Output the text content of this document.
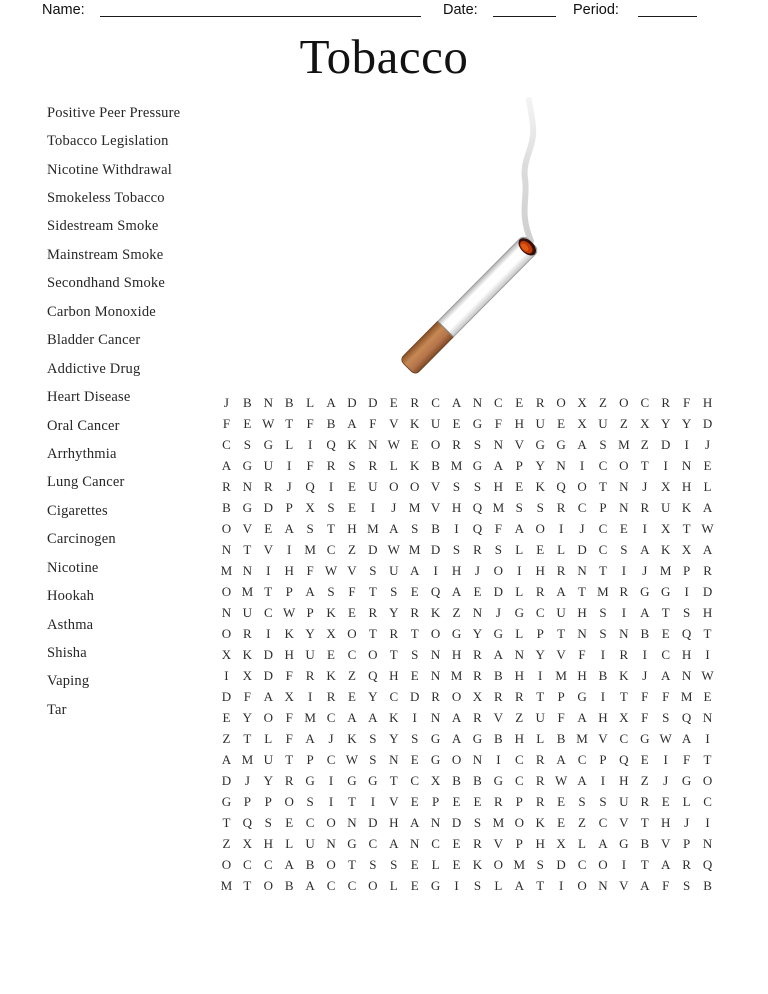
Name:	Date:	Period:
Tobacco
Positive Peer Pressure
Tobacco Legislation
Nicotine Withdrawal
Smokeless Tobacco
Sidestream Smoke
Mainstream Smoke
Secondhand Smoke
Carbon Monoxide
Bladder Cancer
Addictive Drug
Heart Disease
Oral Cancer
Arrhythmia
Lung Cancer
Cigarettes
Carcinogen
Nicotine
Hookah
Asthma
Shisha
Vaping
Tar
J	B N B L A D D E R C A N C E R O X Z O C R F H
F	E W T	F B A F V K U E G F H U E X U Z X Y Y D
C S G L	I	Q K N W E O R S N V G G A S M Z D	I	J
A G U	I	F R S R L K B M G A P Y N	I	C O T	I	N E
R N R	J	Q	I	E U O O V S	S H E K Q O T N	J	X H L
B G D P X S	E	I	J M V H Q M S	S R C P N R U K A
O V E A S	T H M A S B	I	Q F A O	I	J	C E	I	X T W
N T V	I M C Z D W M D S R S	L E L D C S A K X A
M N	I	H F W V S U A	I	H	J	O	I	H R N T	I	J M P R
O M T	P A S	F	T	S	E Q A E D L R A T M R G G	I	D
N U C W P K E R Y R K Z N	J	G C U H S	I	A T	S H
O R	I	K Y X O T R T O G Y G L	P	T N S N B E Q T
X K D H U E C O T	S N H R A N Y V F	I	R	I	C H	I
I	X D F R K Z Q H E N M R B H	I M H B K	J	A N W
D F A X	I	R E Y C D R O X R R T	P G	I	T	F	F M E
E Y O F M C A A K	I	N A R V Z U F A H X F	S Q N
Z T L	F A	J	K S Y S G A G B H L B M V C G W A	I
A M U T	P C W S N E G O N	I	C R A C P Q E	I	F	T
D	J	Y R G	I	G G T C X B B G C R W A	I	H Z	J	G O
G P	P O S	I	T	I	V E	P	E E R P R E	S	S U R E L C
T Q S	E C O N D H A N D S M O K E Z C V T H	J	I
Z X H L U N G C A N C E R V P H X L A G B V P N
O C C A B O T	S	S	E L E K O M S D C O	I	T A R Q
M T O B A C C O L E G	I	S	L A T	I	O N V A F	S B
